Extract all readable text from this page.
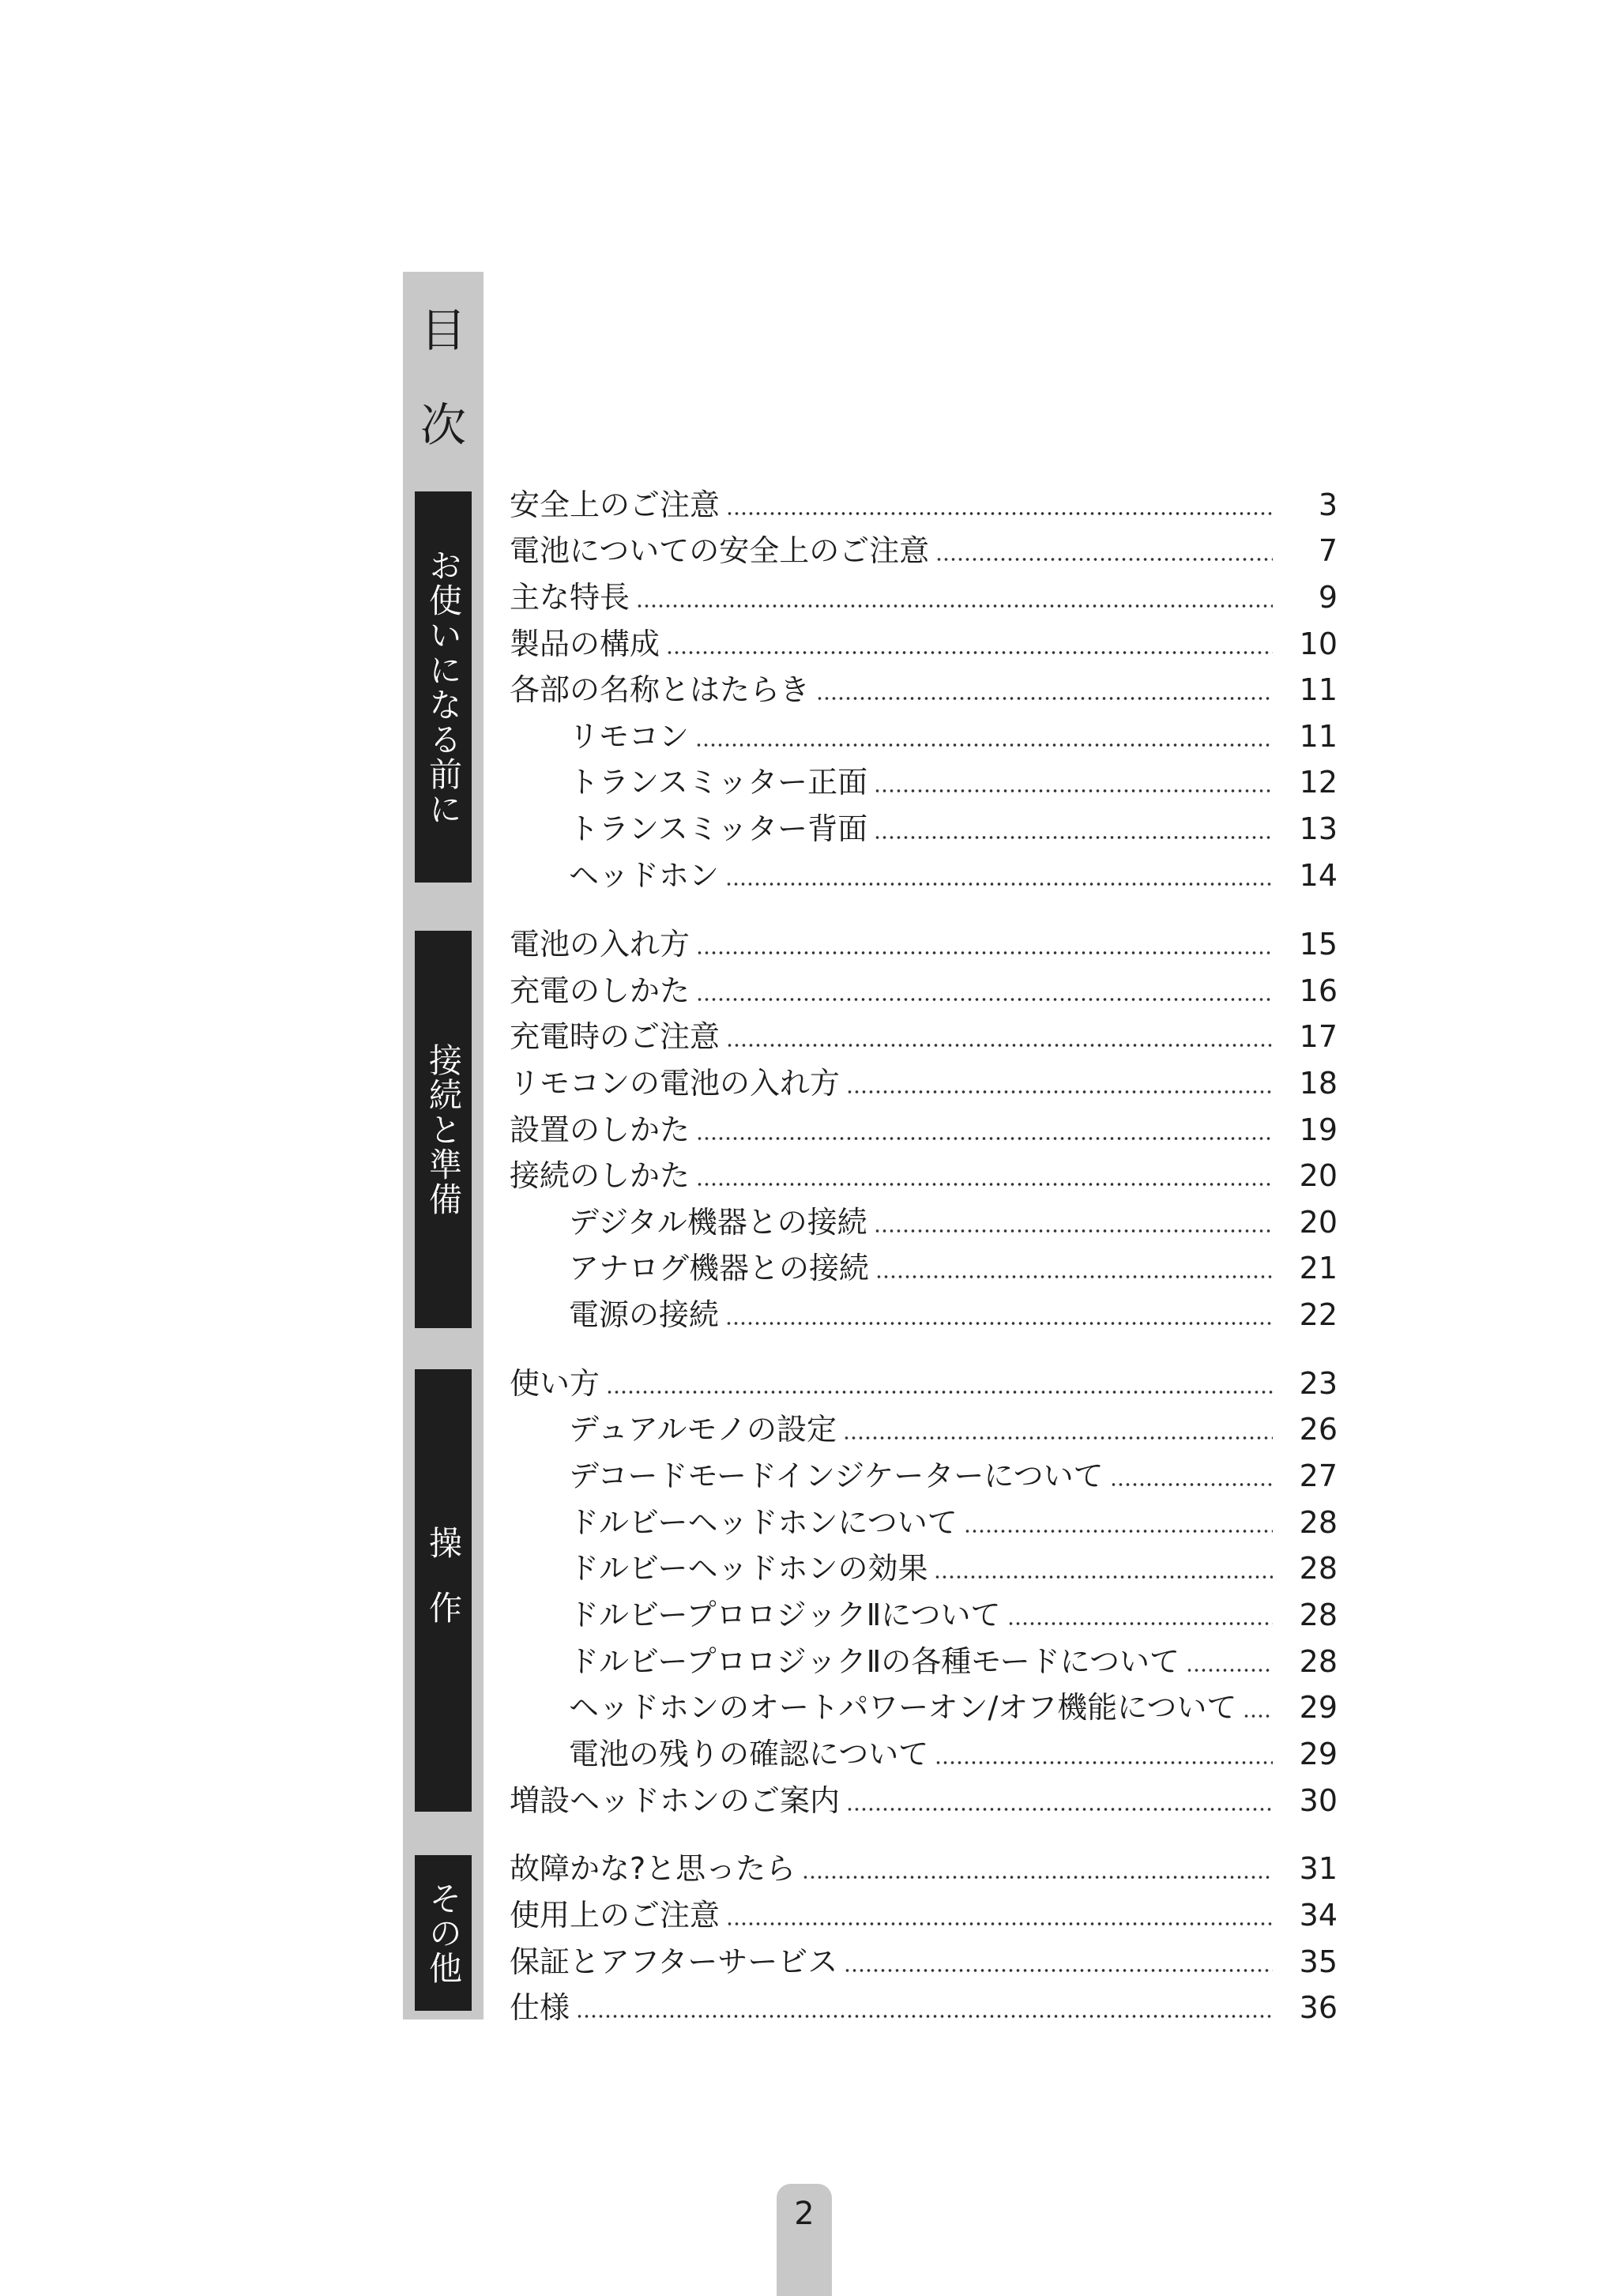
目
次
お使いになる前に
接続と準備
操作
その他
安全上のご注意	3
電池についての安全上のご注意	7
主な特長	9
製品の構成	10
各部の名称とはたらき	11
リモコン	11
トランスミッター正面	12
トランスミッター背面	13
ヘッドホン	14
電池の入れ方	15
充電のしかた	16
充電時のご注意	17
リモコンの電池の入れ方	18
設置のしかた	19
接続のしかた	20
デジタル機器との接続	20
アナログ機器との接続	21
電源の接続	22
使い方	23
デュアルモノの設定	26
デコードモードインジケーターについて	27
ドルビーヘッドホンについて	28
ドルビーヘッドホンの効果	28
ドルビープロロジックⅡについて	28
ドルビープロロジックⅡの各種モードについて	28
ヘッドホンのオートパワーオン/オフ機能について	29
電池の残りの確認について	29
増設ヘッドホンのご案内	30
故障かな?と思ったら	31
使用上のご注意	34
保証とアフターサービス	35
仕様	36
2
